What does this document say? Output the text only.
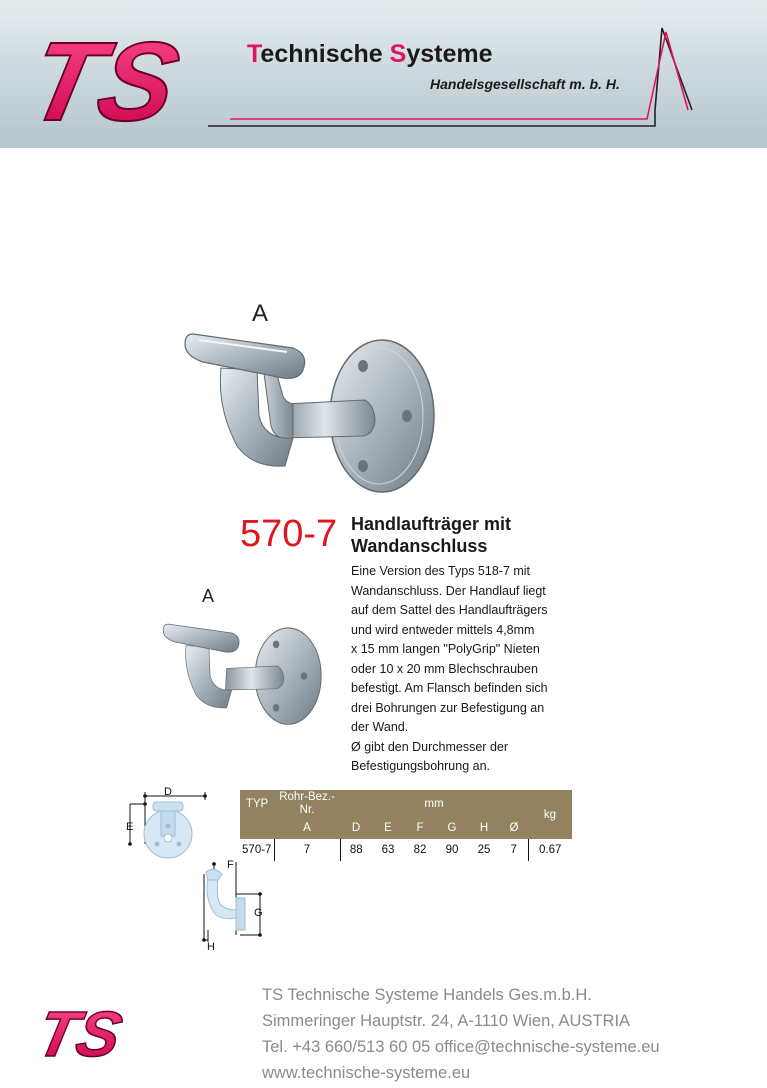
TS Technische Systeme
Handelsgesellschaft m. b. H.
A
A
570-7 Handlaufträger mit
Wandanschluss
Eine Version des Typs 518-7 mit
Wandanschluss. Der Handlauf liegt
auf dem Sattel des Handlaufträgers
und wird entweder mittels 4,8mm
x 15 mm langen "PolyGrip" Nieten
oder 10 x 20 mm Blechschrauben
befestigt. Am Flansch befinden sich
drei Bohrungen zur Befestigung an
der Wand.
Ø gibt den Durchmesser der
Befestigungsbohrung an.
D
E
F
G
H
TYP	Rohr-Bez.-Nr.	mm						kg
	A	D	E	F	G	H	Ø	
570-7	7	88	63	82	90	25	7	0.67
TS
TS Technische Systeme Handels Ges.m.b.H.
Simmeringer Hauptstr. 24, A-1110 Wien, AUSTRIA
Tel. +43 660/513 60 05 office@technische-systeme.eu
www.technische-systeme.eu
